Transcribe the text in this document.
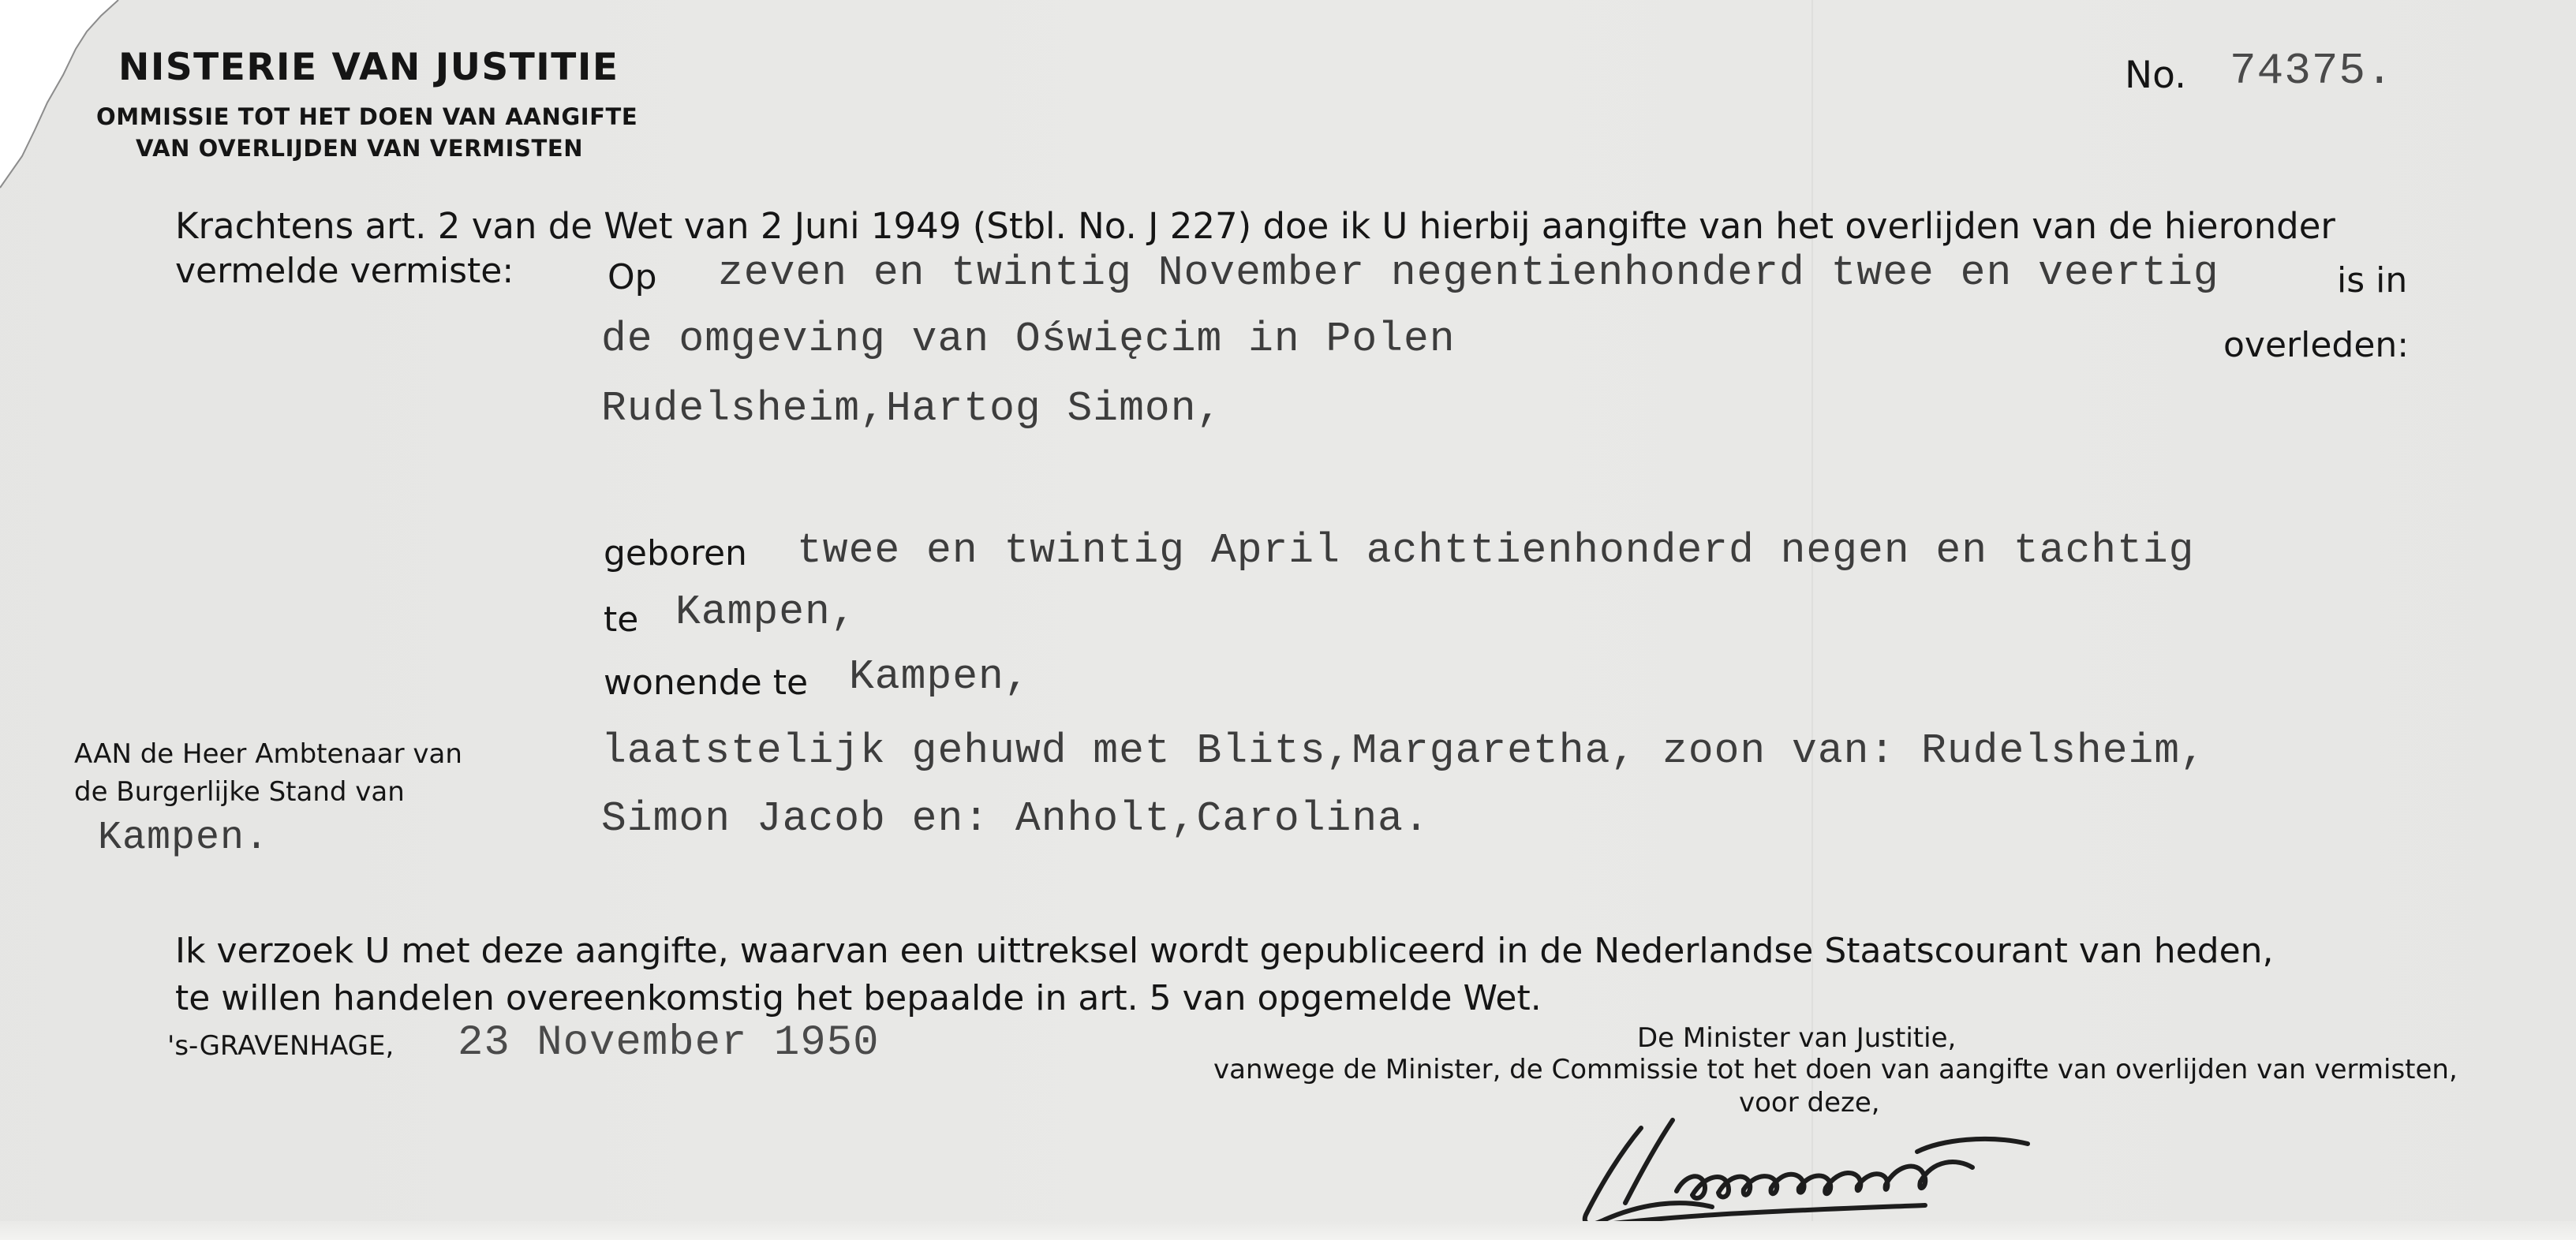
NISTERIE VAN JUSTITIE
OMMISSIE TOT HET DOEN VAN AANGIFTE
VAN OVERLIJDEN VAN VERMISTEN
No. 74375.
Krachtens art. 2 van de Wet van 2 Juni 1949 (Stbl. No. J 227) doe ik U hierbij aangifte van het overlijden van de hieronder
vermelde vermiste:	Op zeven en twintig November negentienhonderd twee en veertig	is in
de omgeving van Oświęcim in Polen	overleden:
Rudelsheim,Hartog Simon,
geboren twee en twintig April achttienhonderd negen en tachtig
te Kampen,
wonende te Kampen,
laatstelijk gehuwd met Blits,Margaretha, zoon van: Rudelsheim,
Simon Jacob en: Anholt,Carolina.
AAN de Heer Ambtenaar van
de Burgerlijke Stand van
Kampen.
Ik verzoek U met deze aangifte, waarvan een uittreksel wordt gepubliceerd in de Nederlandse Staatscourant van heden,
te willen handelen overeenkomstig het bepaalde in art. 5 van opgemelde Wet.
's-GRAVENHAGE, 23 November 1950	De Minister van Justitie,
vanwege de Minister, de Commissie tot het doen van aangifte van overlijden van vermisten,
voor deze,
